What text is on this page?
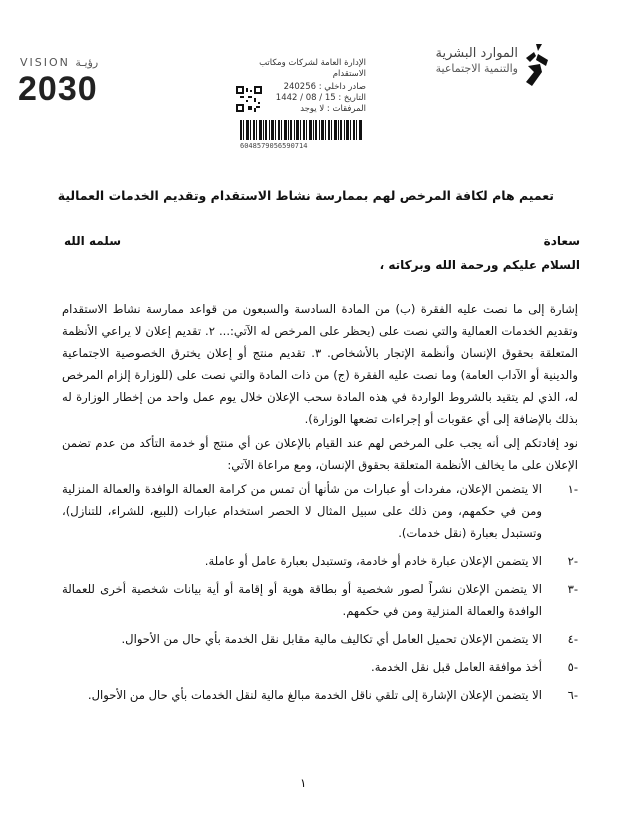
الموارد البشرية
والتنمية الاجتماعية
VISION ﺭﺅﻳـﺔ
2030
الإدارة العامة لشركات ومكاتب
الاستقدام
صادر داخلي : 240256
التاريخ : 15 / 08 / 1442
المرفقات : لا يوجد
6048579056590714
تعميم هام لكافة المرخص لهم بممارسة نشاط الاستقدام وتقديم الخدمات العمالية
سعادة
سلمه الله
السلام عليكم ورحمة الله وبركاته ،

إشارة إلى ما نصت عليه الفقرة (ب) من المادة السادسة والسبعون من قواعد ممارسة نشاط الاستقدام وتقديم الخدمات العمالية والتي نصت على (يحظر على المرخص له الآتي:... ٢. تقديم إعلان لا يراعي الأنظمة المتعلقة بحقوق الإنسان وأنظمة الإتجار بالأشخاص. ٣. تقديم منتج أو إعلان يخترق الخصوصية الاجتماعية والدينية أو الآداب العامة) وما نصت عليه الفقرة (ج) من ذات المادة والتي نصت على (للوزارة إلزام المرخص له، الذي لم يتقيد بالشروط الواردة في هذه المادة سحب الإعلان خلال يوم عمل واحد من إخطار الوزارة له بذلك بالإضافة إلى أي عقوبات أو إجراءات تضعها الوزارة).

نود إفادتكم إلى أنه يجب على المرخص لهم عند القيام بالإعلان عن أي منتج أو خدمة التأكد من عدم تضمن الإعلان على ما يخالف الأنظمة المتعلقة بحقوق الإنسان، ومع مراعاة الآتي:

-١
الا يتضمن الإعلان، مفردات أو عبارات من شأنها أن تمس من كرامة العمالة الوافدة والعمالة المنزلية ومن في حكمهم، ومن ذلك على سبيل المثال لا الحصر استخدام عبارات (للبيع، للشراء، للتنازل)، وتستبدل بعبارة (نقل خدمات).
-٢
الا يتضمن الإعلان عبارة خادم أو خادمة، وتستبدل بعبارة عامل أو عاملة.
-٣
الا يتضمن الإعلان نشراً لصور شخصية أو بطاقة هوية أو إقامة أو أية بيانات شخصية أخرى للعمالة الوافدة والعمالة المنزلية ومن في حكمهم.
-٤
الا يتضمن الإعلان تحميل العامل أي تكاليف مالية مقابل نقل الخدمة بأي حال من الأحوال.
-٥
أخذ موافقة العامل قبل نقل الخدمة.
-٦
الا يتضمن الإعلان الإشارة إلى تلقي ناقل الخدمة مبالغ مالية لنقل الخدمات بأي حال من الأحوال.
١
